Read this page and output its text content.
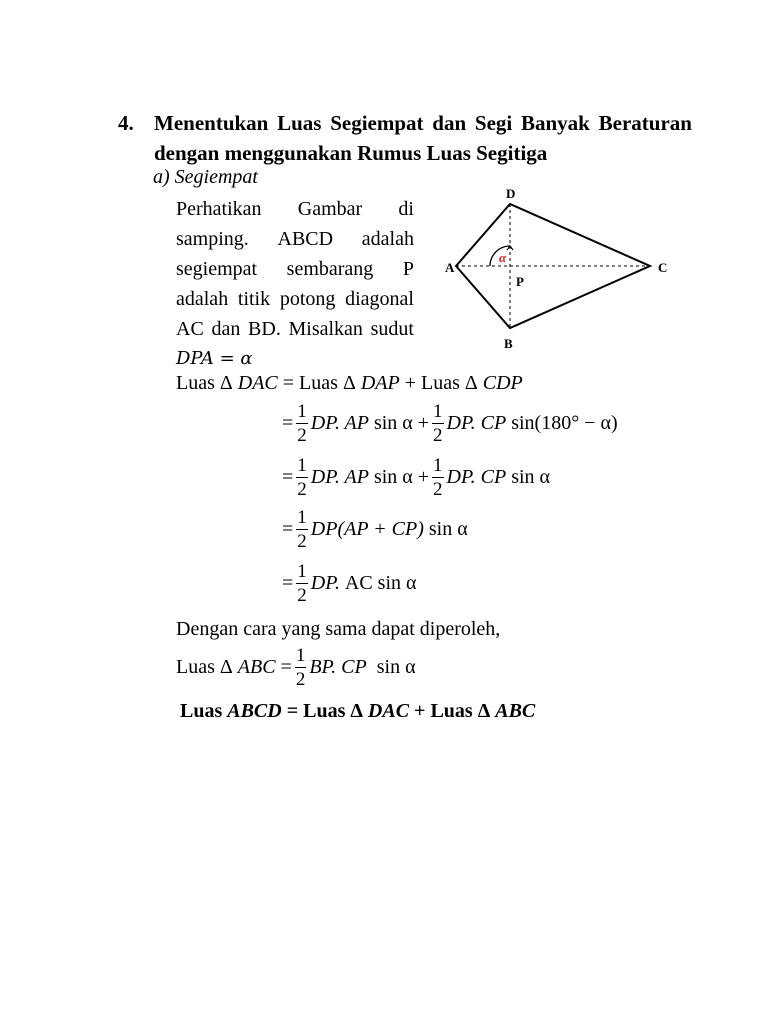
4. Menentukan Luas Segiempat dan Segi Banyak Beraturan
dengan menggunakan Rumus Luas Segitiga
a) Segiempat
Perhatikan Gambar di
samping. ABCD adalah
segiempat sembarang P
adalah titik potong diagonal
AC dan BD. Misalkan sudut
DPA = α
A
D
C
B
P
α
Luas
Δ
DAC
=
Luas
Δ
DAP
+
Luas
Δ
CDP
= $\frac{1}{2}$ DP. AP
sin α
+ $\frac{1}{2}$ DP. CP
sin(180° − α)
= $\frac{1}{2}$ DP. AP
sin α
+ $\frac{1}{2}$ DP. CP
sin α
= $\frac{1}{2} DP(AP + CP)$
sin α
= $\frac{1}{2}$ DP.
AC
sin α
Dengan cara yang sama dapat diperoleh,
Luas
Δ
ABC
= $\frac{1}{2}$ BP. CP
sin α
Luas
ABCD
=
Luas
Δ
DAC
+
Luas
Δ
ABC
